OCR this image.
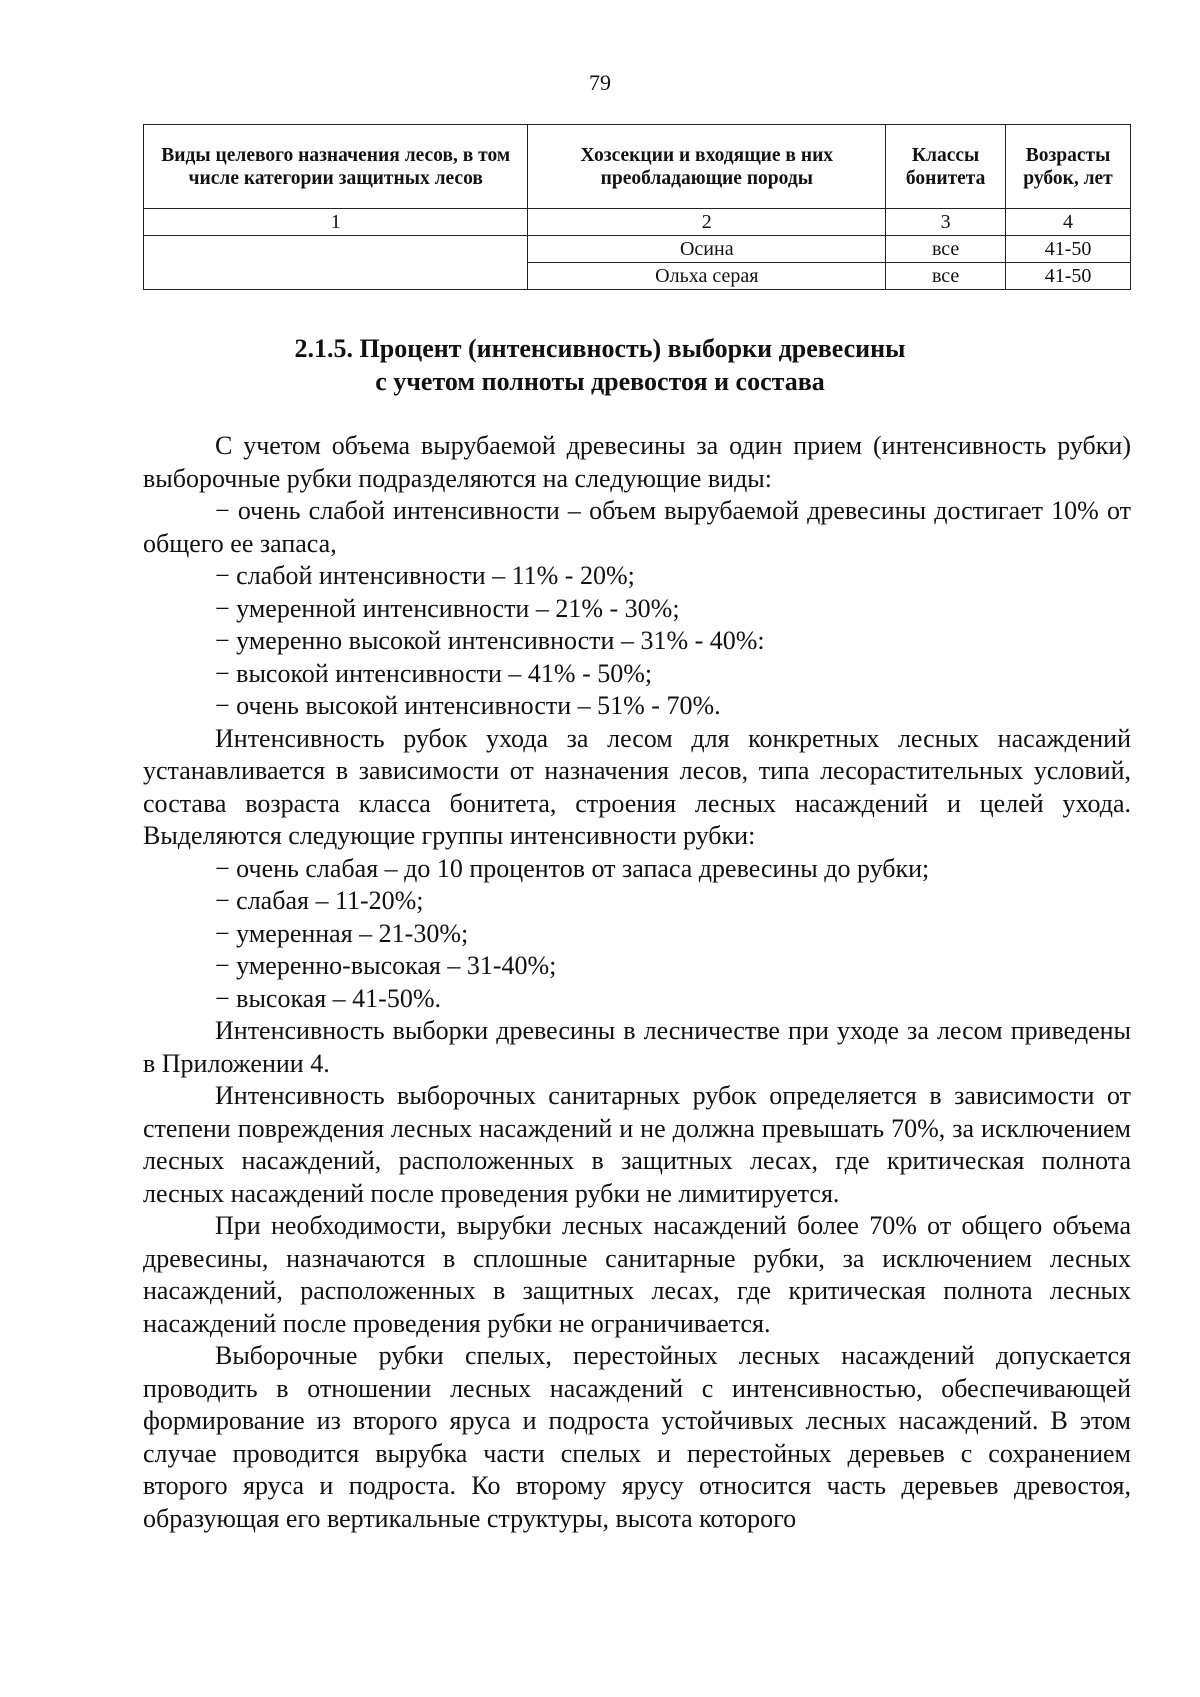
79
Виды целевого назначения лесов, в том числе категории защитных лесов	Хозсекции и входящие в них преобладающие породы	Классы бонитета	Возрасты рубок, лет
1	2	3	4
	Осина	все	41-50
	Ольха серая	все	41-50
2.1.5. Процент (интенсивность) выборки древесины
с учетом полноты древостоя и состава

С учетом объема вырубаемой древесины за один прием (интенсивность рубки) выборочные рубки подразделяются на следующие виды:

− очень слабой интенсивности – объем вырубаемой древесины достигает 10% от общего ее запаса,

− слабой интенсивности – 11% - 20%;

− умеренной интенсивности – 21% - 30%;

− умеренно высокой интенсивности – 31% - 40%:

− высокой интенсивности – 41% - 50%;

− очень высокой интенсивности – 51% - 70%.

Интенсивность рубок ухода за лесом для конкретных лесных насаждений устанавливается в зависимости от назначения лесов, типа лесорастительных условий, состава возраста класса бонитета, строения лесных насаждений и целей ухода. Выделяются следующие группы интенсивности рубки:

− очень слабая – до 10 процентов от запаса древесины до рубки;

− слабая – 11-20%;

− умеренная – 21-30%;

− умеренно-высокая – 31-40%;

− высокая – 41-50%.

Интенсивность выборки древесины в лесничестве при уходе за лесом приведены в Приложении 4.

Интенсивность выборочных санитарных рубок определяется в зависимости от степени повреждения лесных насаждений и не должна превышать 70%, за исключением лесных насаждений, расположенных в защитных лесах, где критическая полнота лесных насаждений после проведения рубки не лимитируется.

При необходимости, вырубки лесных насаждений более 70% от общего объема древесины, назначаются в сплошные санитарные рубки, за исключением лесных насаждений, расположенных в защитных лесах, где критическая полнота лесных насаждений после проведения рубки не ограничивается.

Выборочные рубки спелых, перестойных лесных насаждений допускается проводить в отношении лесных насаждений с интенсивностью, обеспечивающей формирование из второго яруса и подроста устойчивых лесных насаждений. В этом случае проводится вырубка части спелых и перестойных деревьев с сохранением второго яруса и подроста. Ко второму ярусу относится часть деревьев древостоя, образующая его вертикальные структуры, высота которого
